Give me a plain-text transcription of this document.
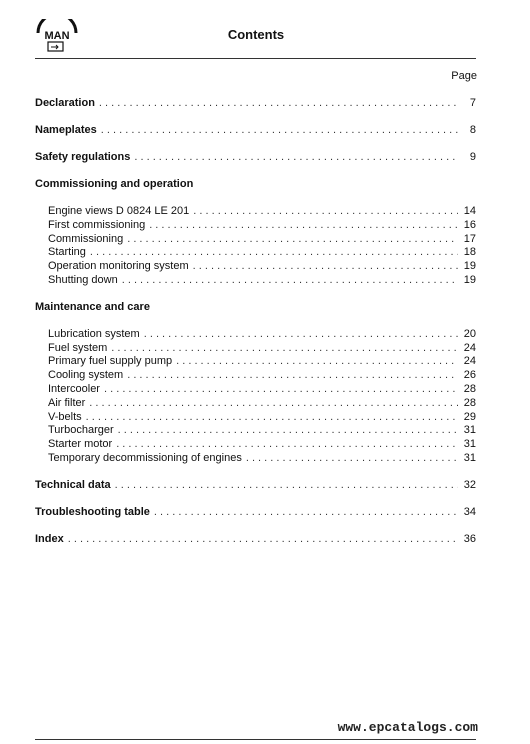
MAN	Contents
Page
Declaration . . .	7
Nameplates . . .	8
Safety regulations . . .	9
Commissioning and operation
Engine views D 0824 LE 201 . . .	14
First commissioning . . .	16
Commissioning . . .	17
Starting . . .	18
Operation monitoring system . . .	19
Shutting down . . .	19
Maintenance and care
Lubrication system . . .	20
Fuel system . . .	24
Primary fuel supply pump . . .	24
Cooling system . . .	26
Intercooler . . .	28
Air filter . . .	28
V-belts . . .	29
Turbocharger . . .	31
Starter motor . . .	31
Temporary decommissioning of engines . . .	31
Technical data . . .	32
Troubleshooting table . . .	34
Index . . .	36
www.epcatalogs.com
